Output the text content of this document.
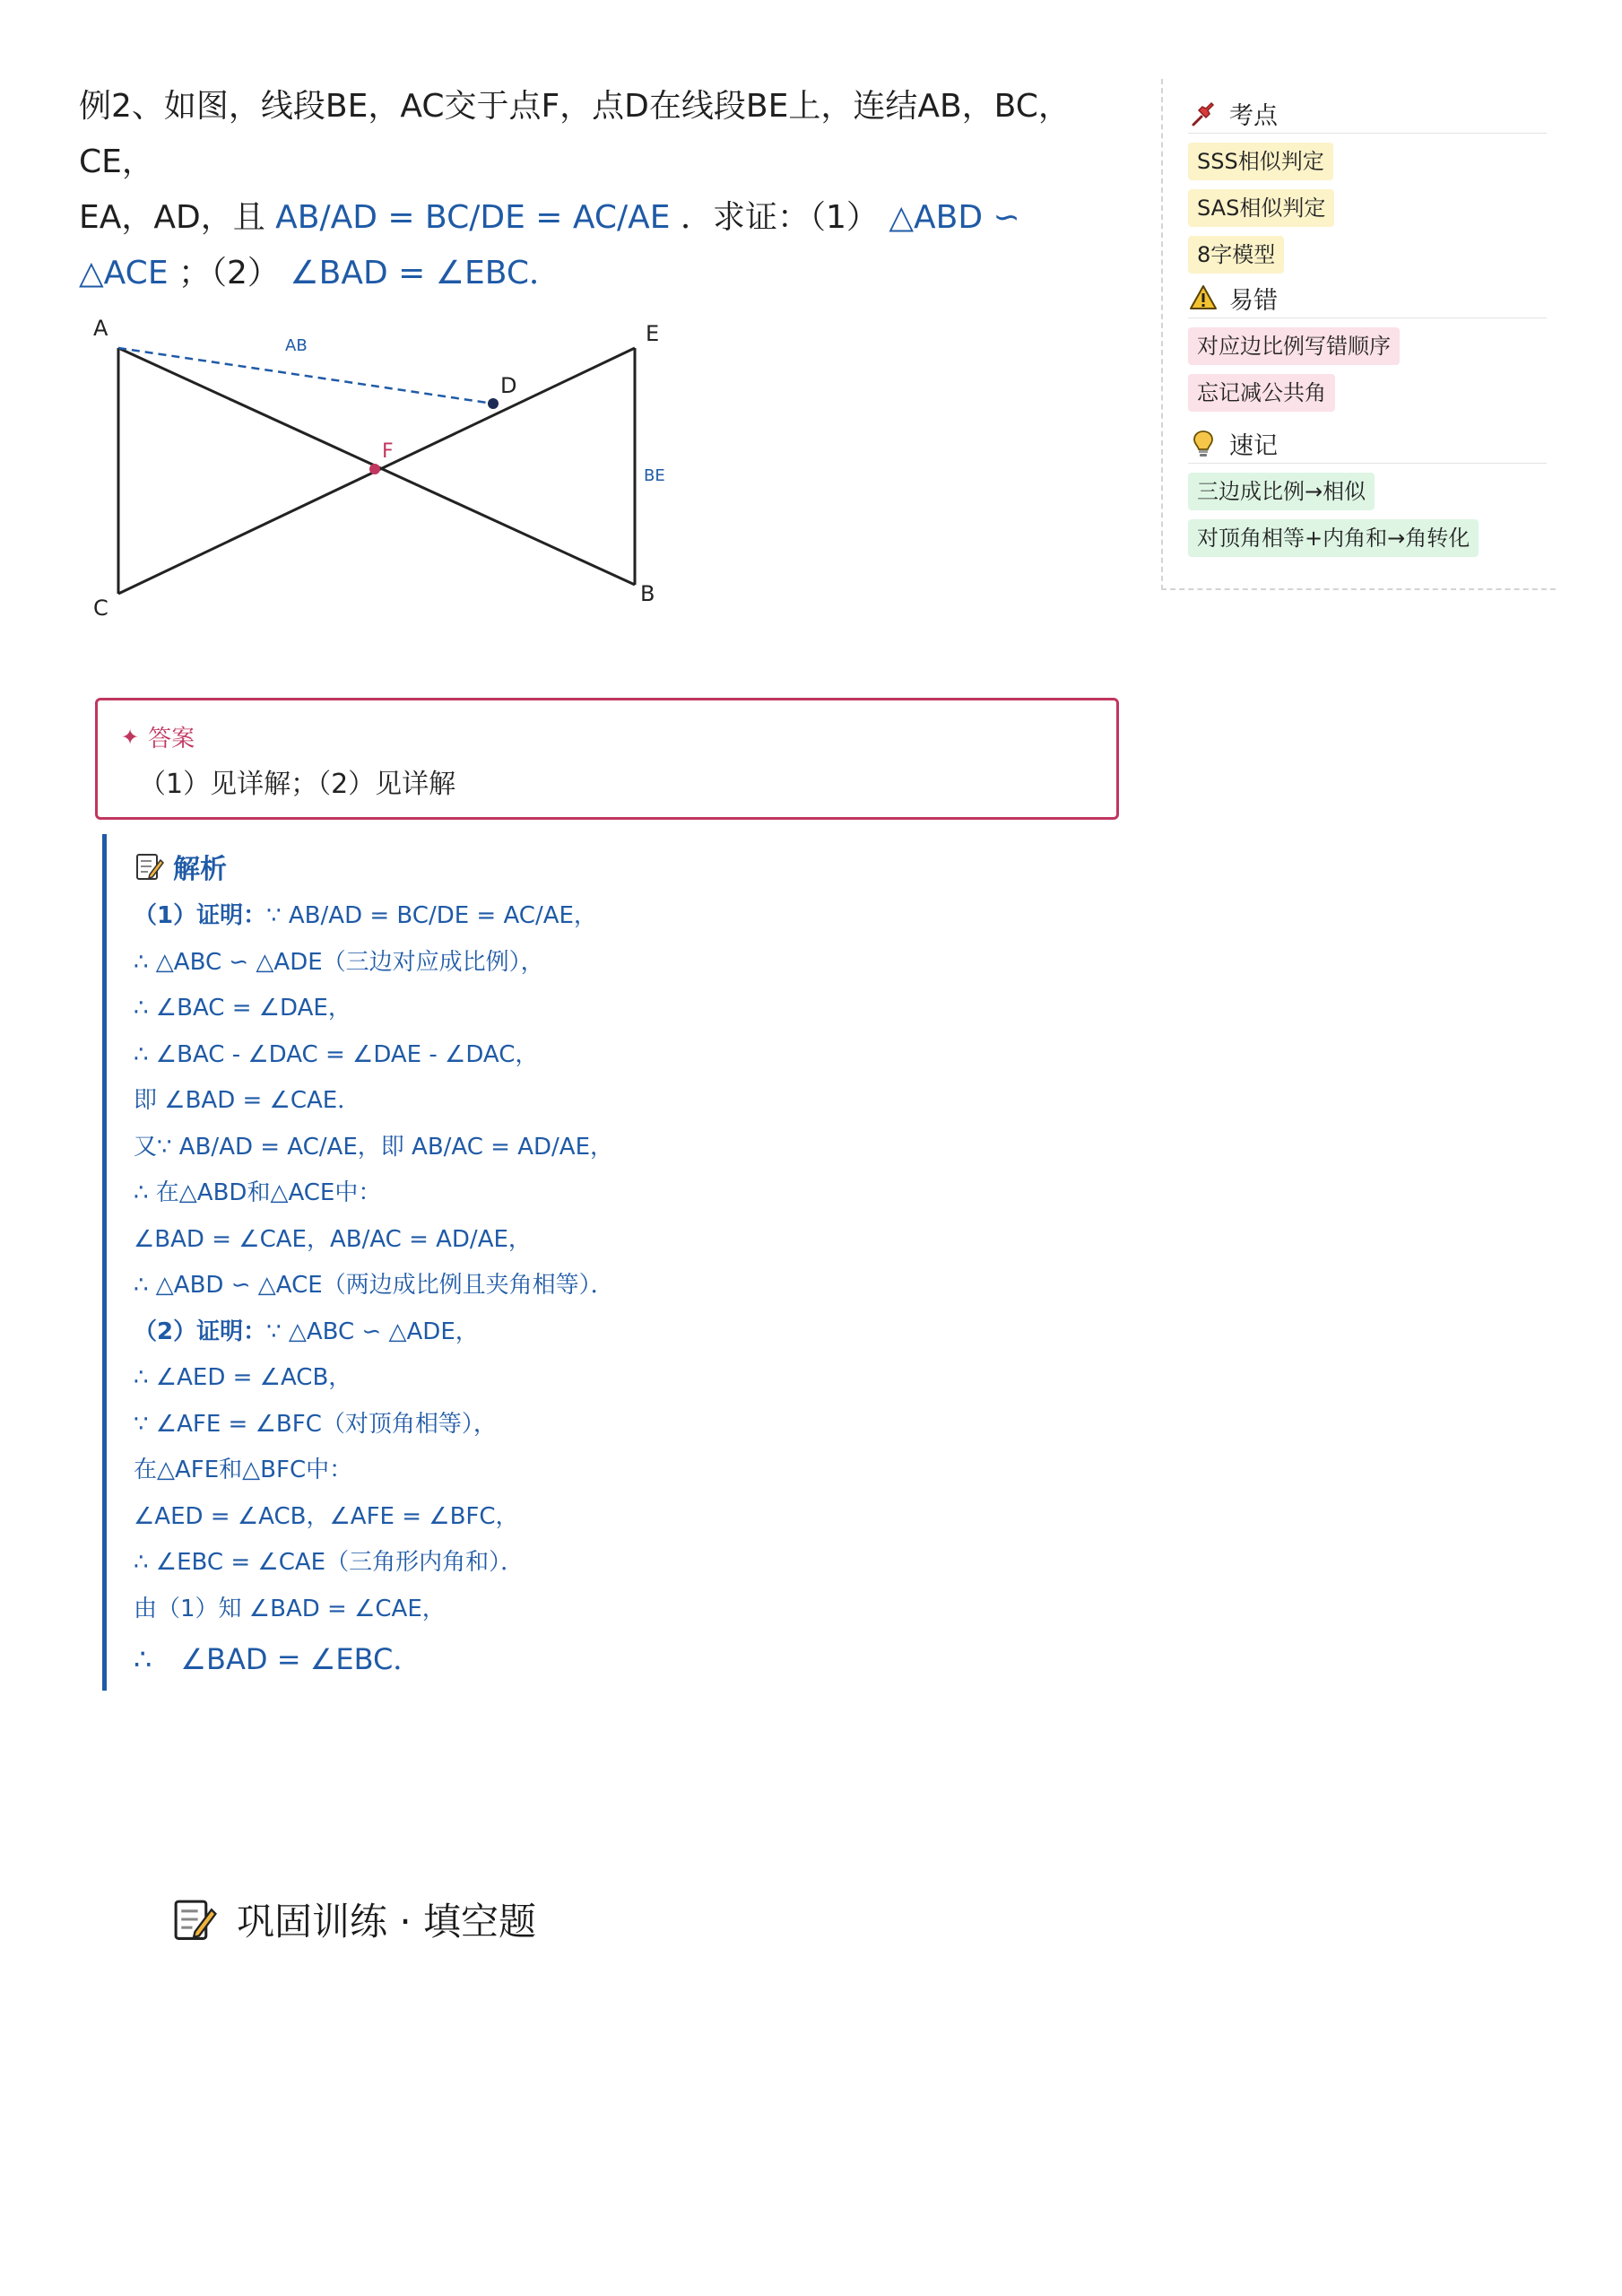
例2、如图，线段BE，AC交于点F，点D在线段BE上，连结AB，BC，CE，
EA，AD，且 AB/AD = BC/DE = AC/AE ．求证：（1） △ABD ∽
△ACE ；（2） ∠BAD = ∠EBC．
A	E
C
B
D
F
AB
BE
考点
SSS相似判定
SAS相似判定
8字模型
易错
对应边比例写错顺序
忘记减公共角
速记
三边成比例→相似
对顶角相等+内角和→角转化
✦ 答案
（1）见详解；（2）见详解
解析
（1）证明：∵ AB/AD = BC/DE = AC/AE，
∴ △ABC ∽ △ADE（三边对应成比例），
∴ ∠BAC = ∠DAE，
∴ ∠BAC - ∠DAC = ∠DAE - ∠DAC，
即 ∠BAD = ∠CAE．
又∵ AB/AD = AC/AE，即 AB/AC = AD/AE，
∴ 在△ABD和△ACE中：
∠BAD = ∠CAE，AB/AC = AD/AE，
∴ △ABD ∽ △ACE（两边成比例且夹角相等）．
（2）证明：∵ △ABC ∽ △ADE，
∴ ∠AED = ∠ACB，
∵ ∠AFE = ∠BFC（对顶角相等），
在△AFE和△BFC中：
∠AED = ∠ACB，∠AFE = ∠BFC，
∴ ∠EBC = ∠CAE（三角形内角和）．
由（1）知 ∠BAD = ∠CAE，
∴　∠BAD = ∠EBC．
巩固训练 · 填空题
